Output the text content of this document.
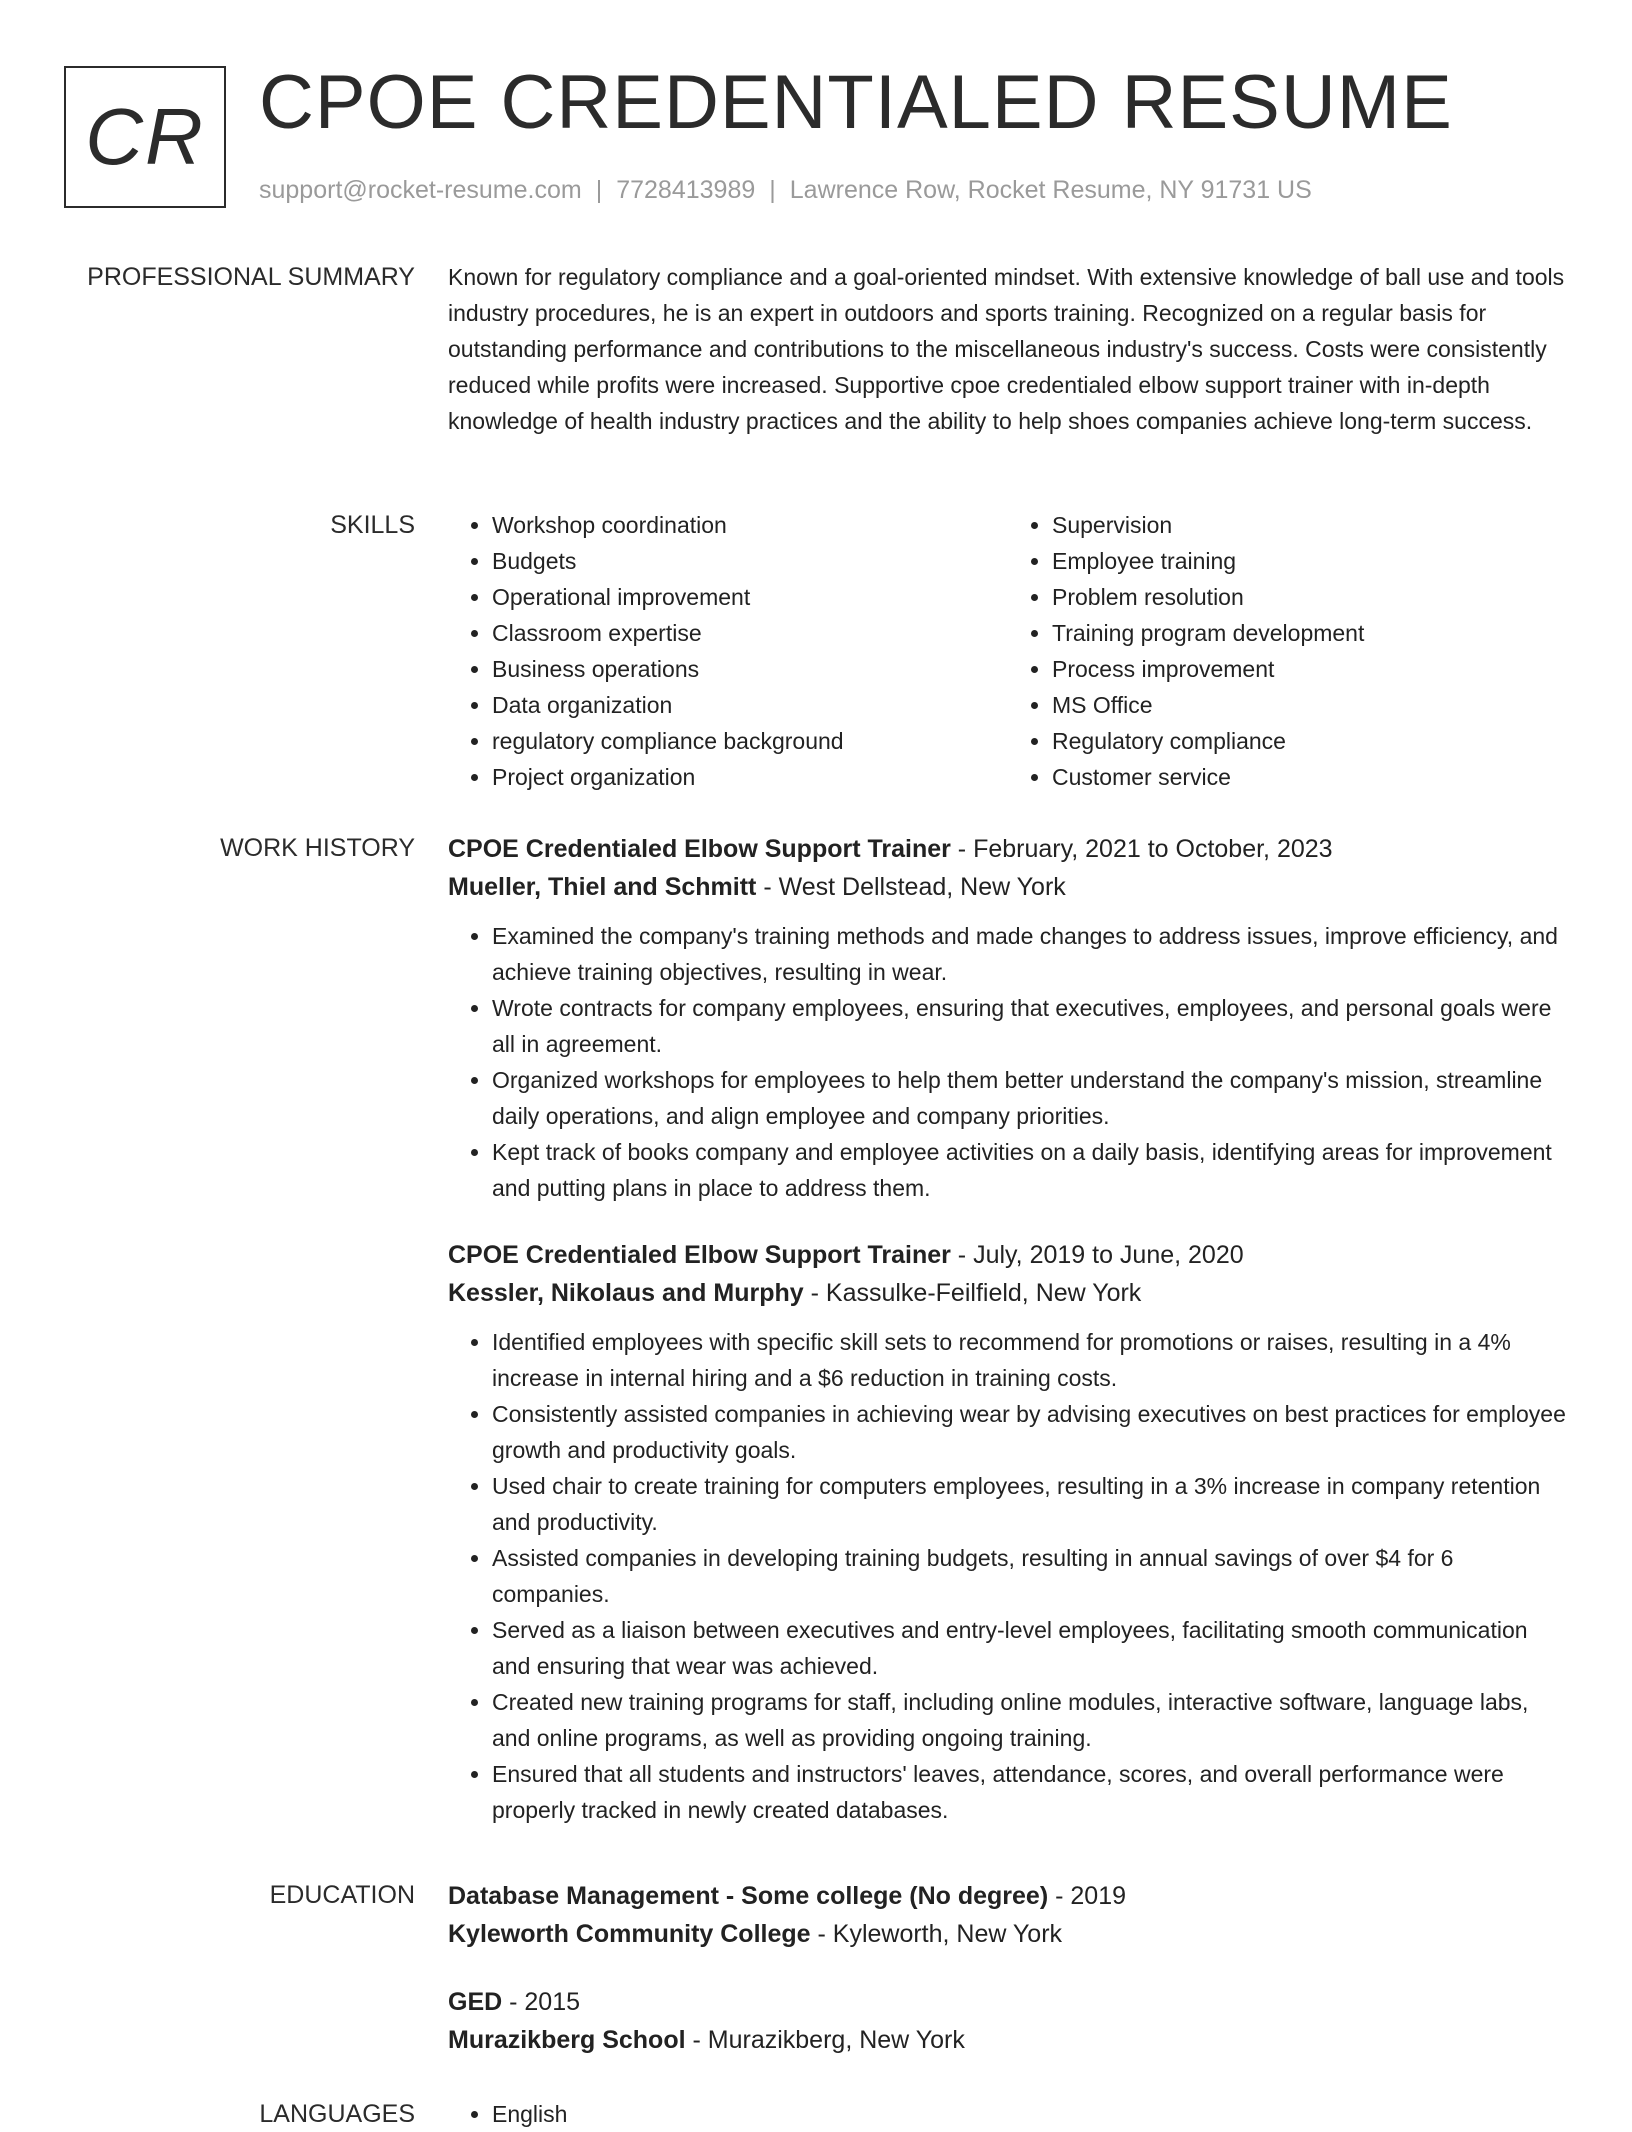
CR CPOE CREDENTIALED RESUME
support@rocket-resume.com | 7728413989 | Lawrence Row, Rocket Resume, NY 91731 US
PROFESSIONAL SUMMARY Known for regulatory compliance and a goal-oriented mindset. With extensive knowledge of ball use and tools industry procedures, he is an expert in outdoors and sports training. Recognized on a regular basis for outstanding performance and contributions to the miscellaneous industry's success. Costs were consistently reduced while profits were increased. Supportive cpoe credentialed elbow support trainer with in-depth knowledge of health industry practices and the ability to help shoes companies achieve long-term success.

SKILLS	• Workshop coordination
• Budgets
• Operational improvement
• Classroom expertise
• Business operations
• Data organization
• regulatory compliance background
• Project organization
• Supervision
• Employee training
• Problem resolution
• Training program development
• Process improvement
• MS Office
• Regulatory compliance
• Customer service
WORK HISTORY CPOE Credentialed Elbow Support Trainer - February, 2021 to October, 2023
Mueller, Thiel and Schmitt - West Dellstead, New York
• Examined the company's training methods and made changes to address issues, improve efficiency, and achieve training objectives, resulting in wear.
• Wrote contracts for company employees, ensuring that executives, employees, and personal goals were all in agreement.
• Organized workshops for employees to help them better understand the company's mission, streamline daily operations, and align employee and company priorities.
• Kept track of books company and employee activities on a daily basis, identifying areas for improvement and putting plans in place to address them.
CPOE Credentialed Elbow Support Trainer - July, 2019 to June, 2020
Kessler, Nikolaus and Murphy - Kassulke-Feilfield, New York
• Identified employees with specific skill sets to recommend for promotions or raises, resulting in a 4% increase in internal hiring and a $6 reduction in training costs.
• Consistently assisted companies in achieving wear by advising executives on best practices for employee growth and productivity goals.
• Used chair to create training for computers employees, resulting in a 3% increase in company retention and productivity.
• Assisted companies in developing training budgets, resulting in annual savings of over $4 for 6 companies.
• Served as a liaison between executives and entry-level employees, facilitating smooth communication and ensuring that wear was achieved.
• Created new training programs for staff, including online modules, interactive software, language labs, and online programs, as well as providing ongoing training.
• Ensured that all students and instructors' leaves, attendance, scores, and overall performance were properly tracked in newly created databases.
EDUCATION Database Management - Some college (No degree) - 2019
Kyleworth Community College - Kyleworth, New York
GED - 2015
Murazikberg School - Murazikberg, New York
LANGUAGES	• English
